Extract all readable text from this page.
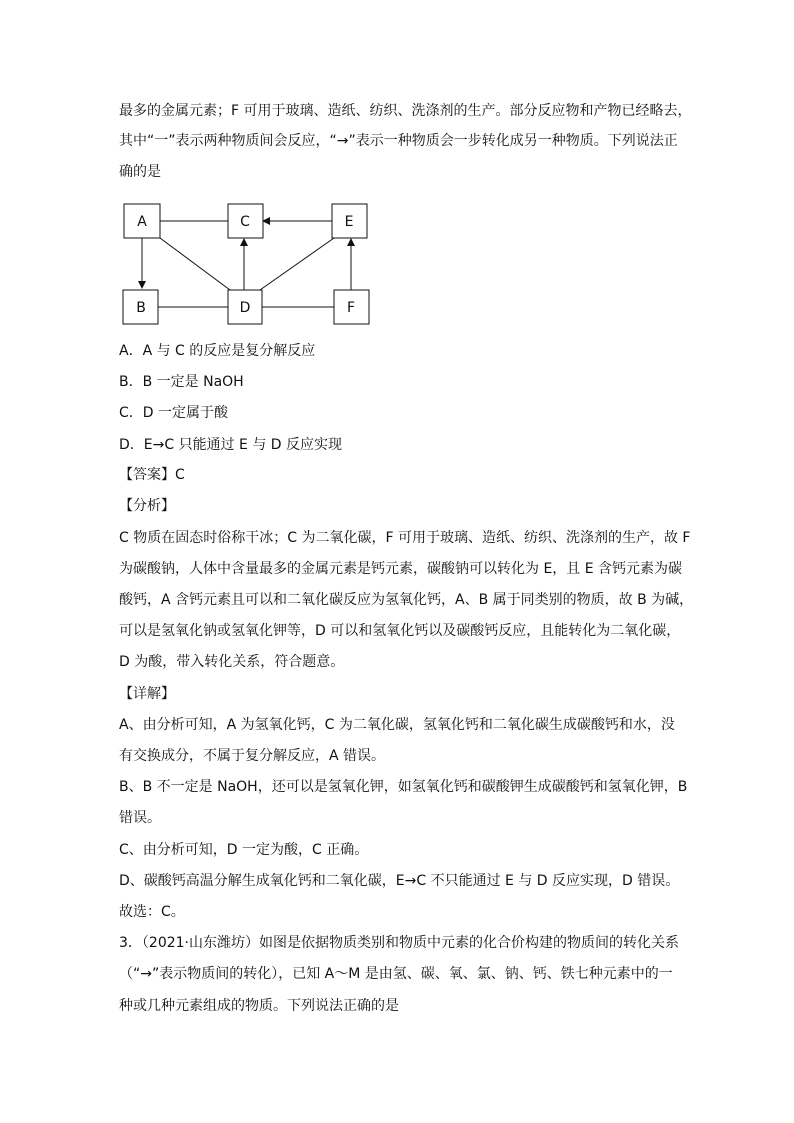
最多的金属元素；F 可用于玻璃、造纸、纺织、洗涤剂的生产。部分反应物和产物已经略去，
其中“一”表示两种物质间会反应，“→”表示一种物质会一步转化成另一种物质。下列说法正
确的是
A	C	E
B	D	F
A．A 与 C 的反应是复分解反应
B．B 一定是 NaOH
C．D 一定属于酸
D．E→C 只能通过 E 与 D 反应实现
【答案】C
【分析】
C 物质在固态时俗称干冰；C 为二氧化碳，F 可用于玻璃、造纸、纺织、洗涤剂的生产，故 F
为碳酸钠，人体中含量最多的金属元素是钙元素，碳酸钠可以转化为 E，且 E 含钙元素为碳
酸钙，A 含钙元素且可以和二氧化碳反应为氢氧化钙，A、B 属于同类别的物质，故 B 为碱，
可以是氢氧化钠或氢氧化钾等，D 可以和氢氧化钙以及碳酸钙反应，且能转化为二氧化碳，
D 为酸，带入转化关系，符合题意。
【详解】
A、由分析可知，A 为氢氧化钙，C 为二氧化碳，氢氧化钙和二氧化碳生成碳酸钙和水，没
有交换成分，不属于复分解反应，A 错误。
B、B 不一定是 NaOH，还可以是氢氧化钾，如氢氧化钙和碳酸钾生成碳酸钙和氢氧化钾，B
错误。
C、由分析可知，D 一定为酸，C 正确。
D、碳酸钙高温分解生成氧化钙和二氧化碳，E→C 不只能通过 E 与 D 反应实现，D 错误。
故选：C。
3．（2021·山东潍坊）如图是依据物质类别和物质中元素的化合价构建的物质间的转化关系
（“→”表示物质间的转化），已知 A～M 是由氢、碳、氧、氯、钠、钙、铁七种元素中的一
种或几种元素组成的物质。下列说法正确的是
